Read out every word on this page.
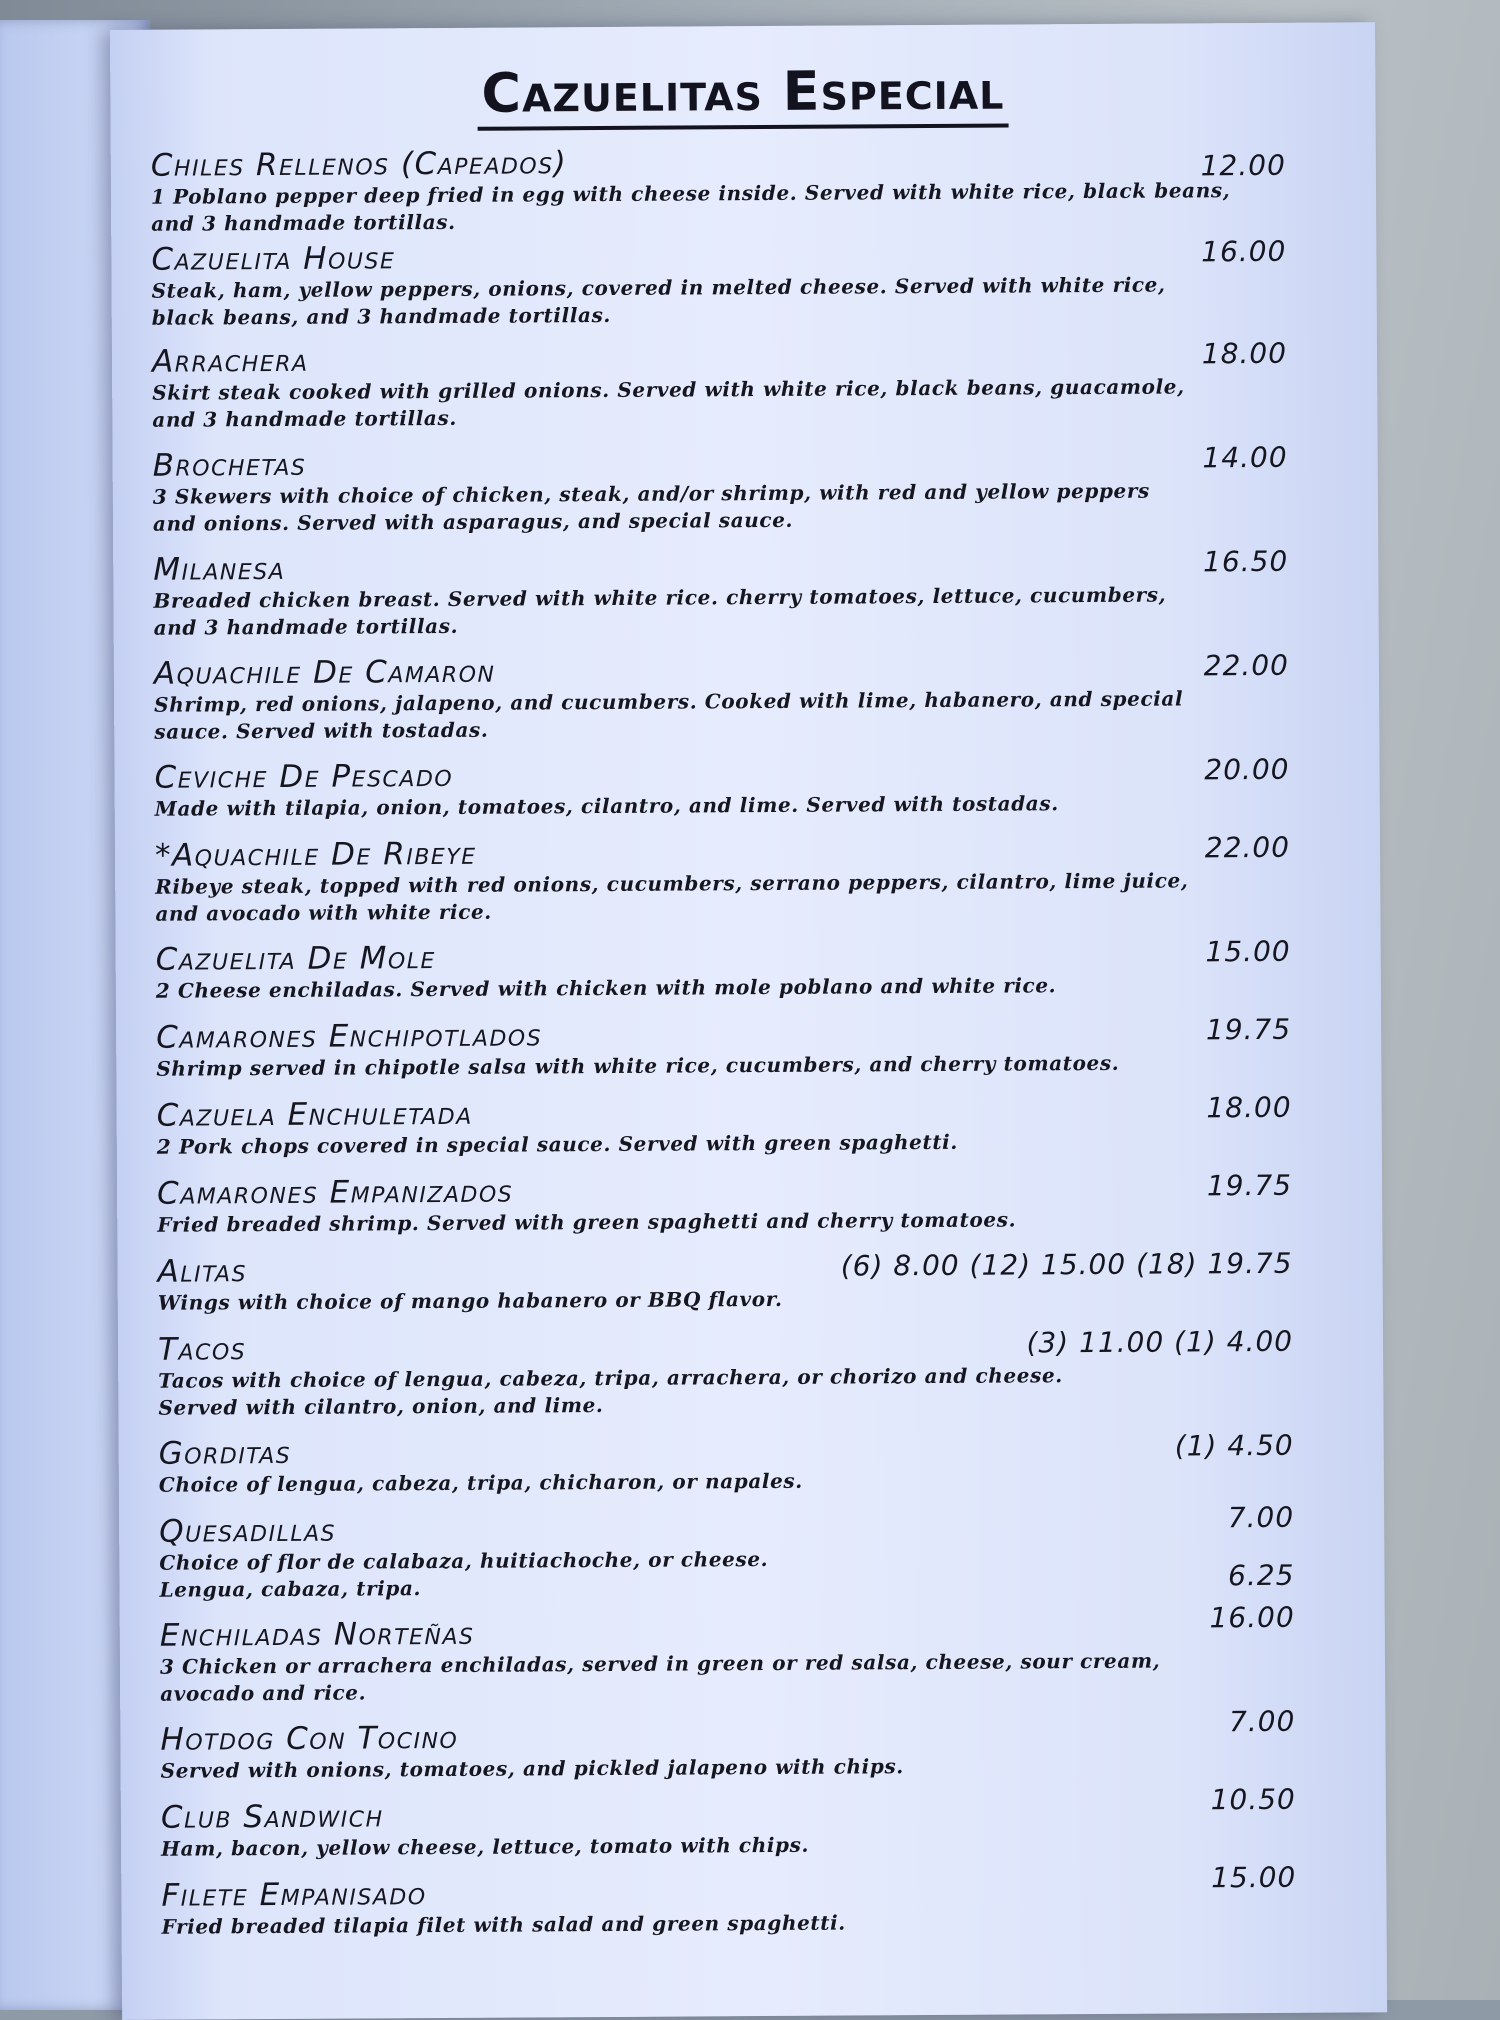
Cazuelitas Especial
Chiles Rellenos (Capeados)	12.00
1 Poblano pepper deep fried in egg with cheese inside. Served with white rice, black beans, and 3 handmade tortillas.
Cazuelita House	16.00
Steak, ham, yellow peppers, onions, covered in melted cheese. Served with white rice,
black beans, and 3 handmade tortillas.
Arrachera	18.00
Skirt steak cooked with grilled onions. Served with white rice, black beans, guacamole,
and 3 handmade tortillas.
Brochetas	14.00
3 Skewers with choice of chicken, steak, and/or shrimp, with red and yellow peppers
and onions. Served with asparagus, and special sauce.
Milanesa	16.50
Breaded chicken breast. Served with white rice. cherry tomatoes, lettuce, cucumbers,
and 3 handmade tortillas.
Aquachile De Camaron	22.00
Shrimp, red onions, jalapeno, and cucumbers. Cooked with lime, habanero, and special
sauce. Served with tostadas.
Ceviche De Pescado	20.00
Made with tilapia, onion, tomatoes, cilantro, and lime. Served with tostadas.
*Aquachile De Ribeye	22.00
Ribeye steak, topped with red onions, cucumbers, serrano peppers, cilantro, lime juice,
and avocado with white rice.
Cazuelita De Mole	15.00
2 Cheese enchiladas. Served with chicken with mole poblano and white rice.
Camarones Enchipotlados	19.75
Shrimp served in chipotle salsa with white rice, cucumbers, and cherry tomatoes.
Cazuela Enchuletada	18.00
2 Pork chops covered in special sauce. Served with green spaghetti.
Camarones Empanizados	19.75
Fried breaded shrimp. Served with green spaghetti and cherry tomatoes.
Alitas	(6) 8.00 (12) 15.00 (18) 19.75
Wings with choice of mango habanero or BBQ flavor.
Tacos	(3) 11.00 (1) 4.00
Tacos with choice of lengua, cabeza, tripa, arrachera, or chorizo and cheese.
Served with cilantro, onion, and lime.
Gorditas	(1) 4.50
Choice of lengua, cabeza, tripa, chicharon, or napales.
Quesadillas	7.00
6.25
Choice of flor de calabaza, huitiachoche, or cheese.
Lengua, cabaza, tripa.
Enchiladas Norteñas	16.00
3 Chicken or arrachera enchiladas, served in green or red salsa, cheese, sour cream,
avocado and rice.
Hotdog Con Tocino	7.00
Served with onions, tomatoes, and pickled jalapeno with chips.
Club Sandwich	10.50
Ham, bacon, yellow cheese, lettuce, tomato with chips.
Filete Empanisado	15.00
Fried breaded tilapia filet with salad and green spaghetti.
